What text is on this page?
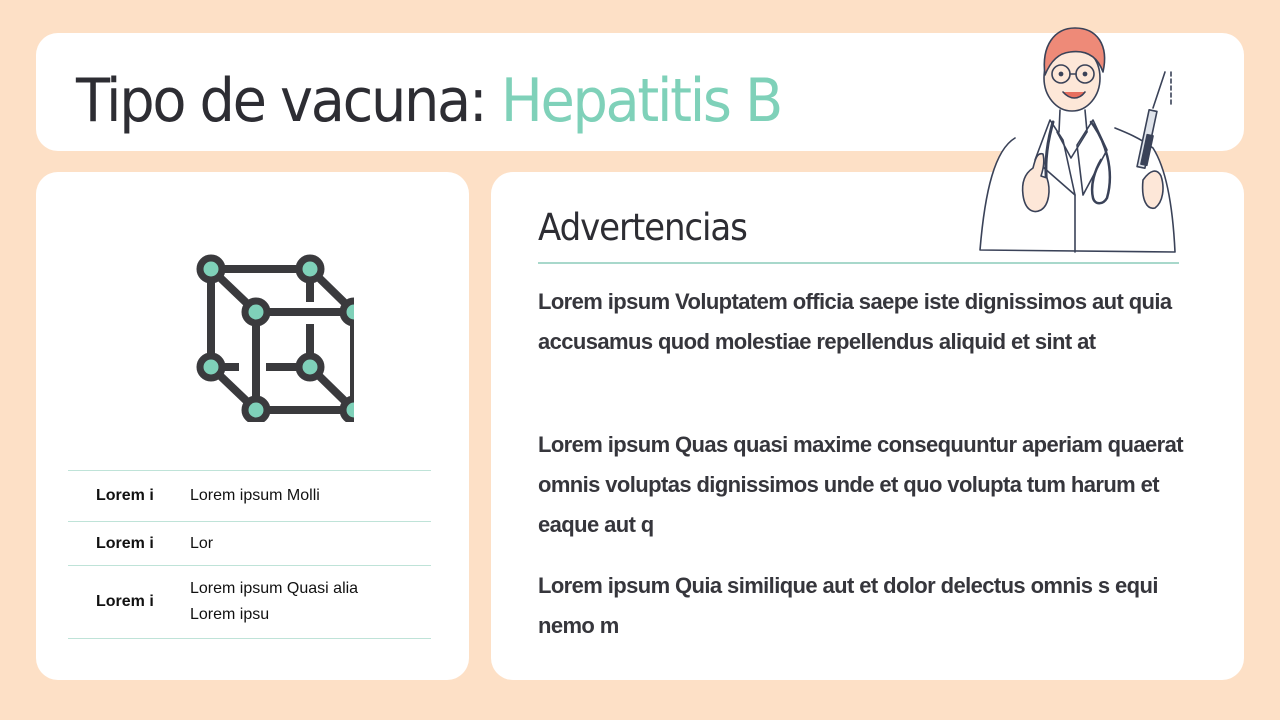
Tipo de vacuna: Hepatitis B
Lorem i	Lorem ipsum Molli
Lorem i	Lor
Lorem i
Lorem ipsum Quasi alia Lorem ipsu
Advertencias

Lorem ipsum Voluptatem officia saepe iste dignissimos aut quia accusamus quod molestiae repellendus aliquid et sint at

Lorem ipsum Quas quasi maxime consequuntur aperiam quaerat omnis voluptas dignissimos unde et quo volupta tum harum et eaque aut q

Lorem ipsum Quia similique aut et dolor delectus omnis s equi nemo m
